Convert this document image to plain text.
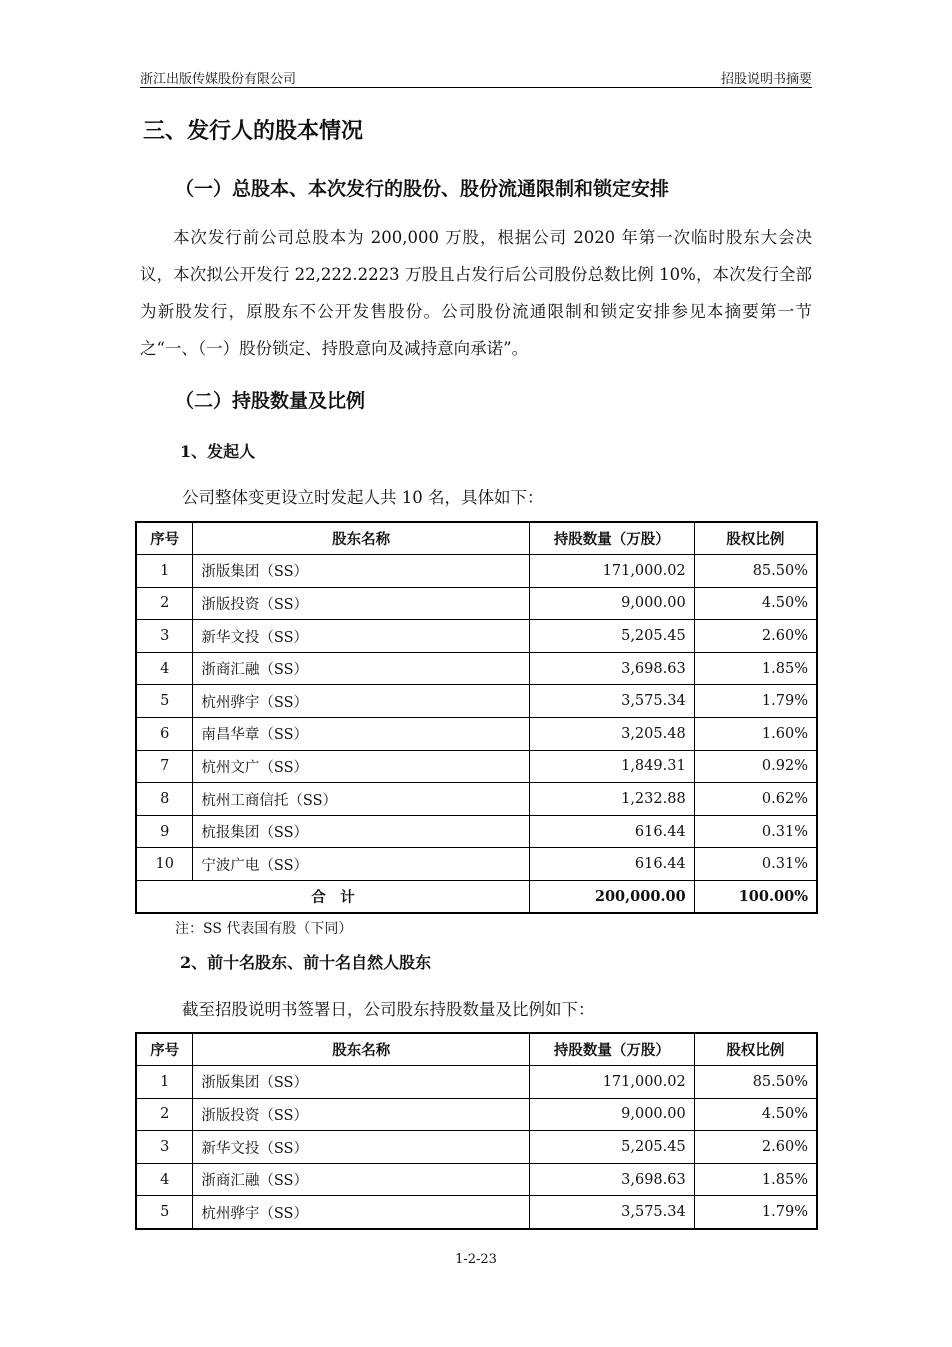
浙江出版传媒股份有限公司	招股说明书摘要
三、发行人的股本情况
（一）总股本、本次发行的股份、股份流通限制和锁定安排
本次发行前公司总股本为 200,000 万股，根据公司 2020 年第一次临时股东大会决议，本次拟公开发行 22,222.2223 万股且占发行后公司股份总数比例 10%，本次发行全部为新股发行，原股东不公开发售股份。公司股份流通限制和锁定安排参见本摘要第一节之“一、（一）股份锁定、持股意向及减持意向承诺”。
（二）持股数量及比例
1、发起人
公司整体变更设立时发起人共 10 名，具体如下：
序号	股东名称	持股数量（万股）	股权比例
1	浙版集团（SS）	171,000.02	85.50%
2	浙版投资（SS）	9,000.00	4.50%
3	新华文投（SS）	5,205.45	2.60%
4	浙商汇融（SS）	3,698.63	1.85%
5	杭州骅宇（SS）	3,575.34	1.79%
6	南昌华章（SS）	3,205.48	1.60%
7	杭州文广（SS）	1,849.31	0.92%
8	杭州工商信托（SS）	1,232.88	0.62%
9	杭报集团（SS）	616.44	0.31%
10	宁波广电（SS）	616.44	0.31%
合　计		200,000.00	100.00%
注：SS 代表国有股（下同）
2、前十名股东、前十名自然人股东
截至招股说明书签署日，公司股东持股数量及比例如下：
序号	股东名称	持股数量（万股）	股权比例
1	浙版集团（SS）	171,000.02	85.50%
2	浙版投资（SS）	9,000.00	4.50%
3	新华文投（SS）	5,205.45	2.60%
4	浙商汇融（SS）	3,698.63	1.85%
5	杭州骅宇（SS）	3,575.34	1.79%
1-2-23
